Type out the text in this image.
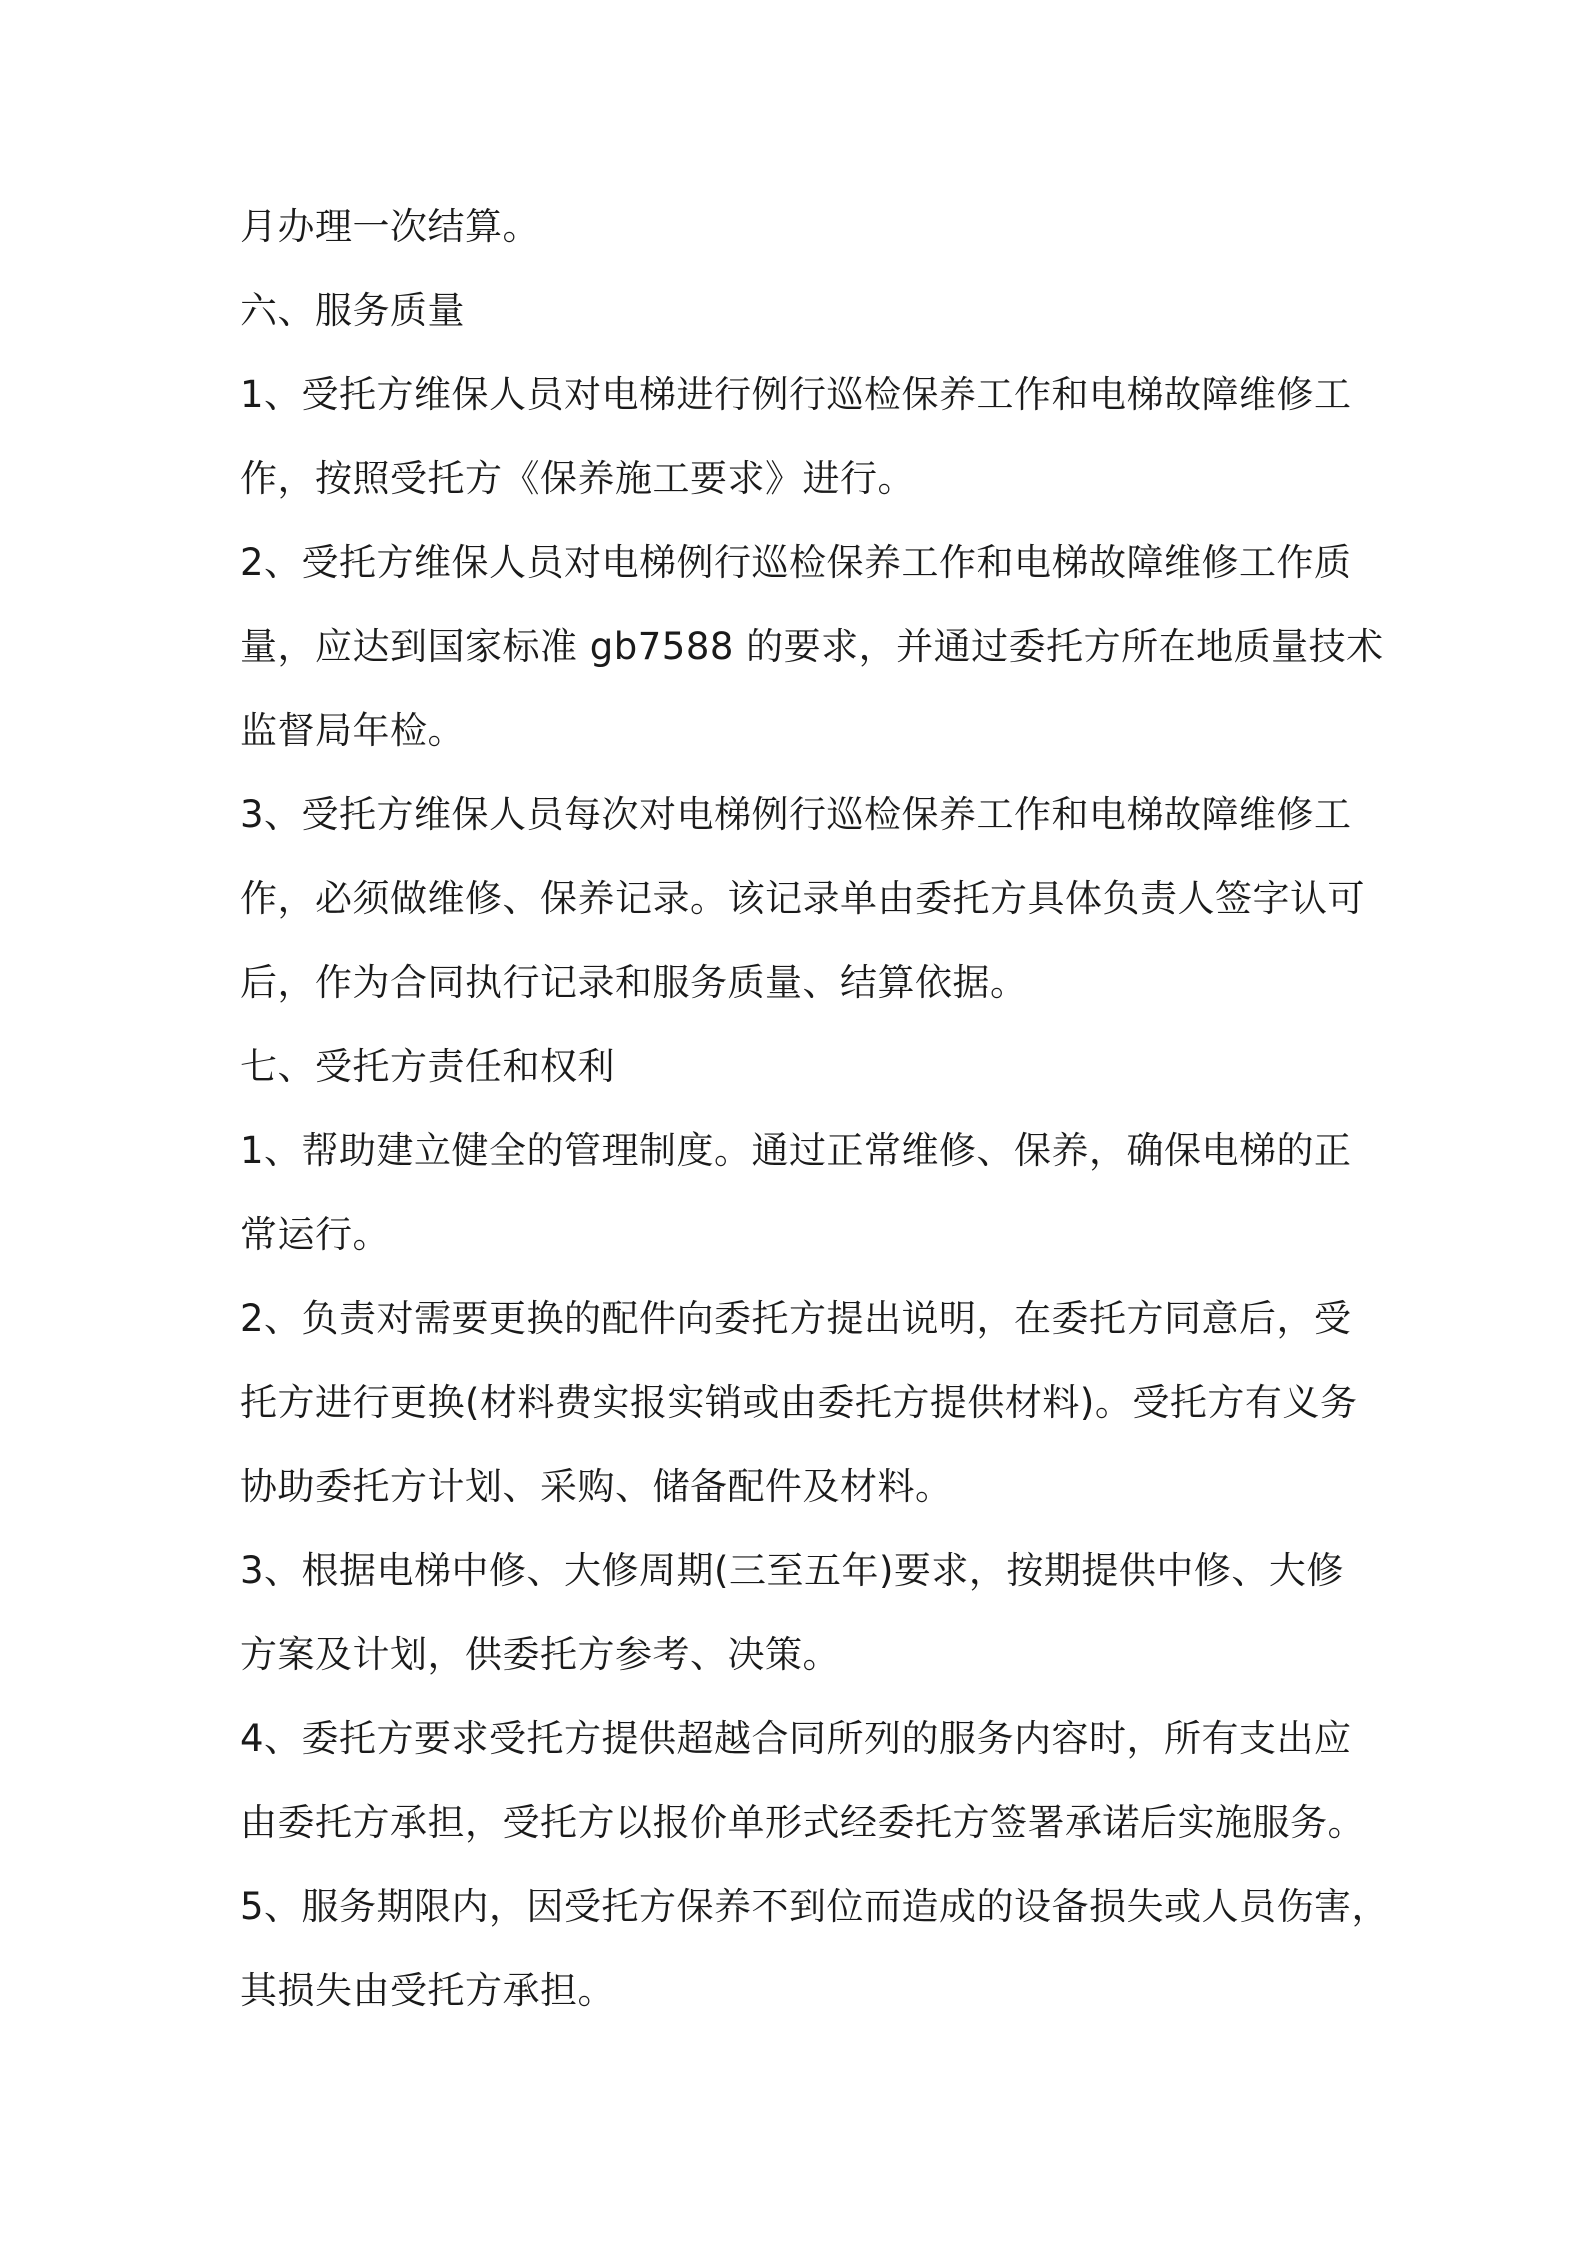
月办理一次结算。
六、服务质量
1、受托方维保人员对电梯进行例行巡检保养工作和电梯故障维修工
作，按照受托方《保养施工要求》进行。
2、受托方维保人员对电梯例行巡检保养工作和电梯故障维修工作质
量，应达到国家标准 gb7588 的要求，并通过委托方所在地质量技术
监督局年检。
3、受托方维保人员每次对电梯例行巡检保养工作和电梯故障维修工
作，必须做维修、保养记录。该记录单由委托方具体负责人签字认可
后，作为合同执行记录和服务质量、结算依据。
七、受托方责任和权利
1、帮助建立健全的管理制度。通过正常维修、保养，确保电梯的正
常运行。
2、负责对需要更换的配件向委托方提出说明，在委托方同意后，受
托方进行更换(材料费实报实销或由委托方提供材料)。受托方有义务
协助委托方计划、采购、储备配件及材料。
3、根据电梯中修、大修周期(三至五年)要求，按期提供中修、大修
方案及计划，供委托方参考、决策。
4、委托方要求受托方提供超越合同所列的服务内容时，所有支出应
由委托方承担，受托方以报价单形式经委托方签署承诺后实施服务。
5、服务期限内，因受托方保养不到位而造成的设备损失或人员伤害，
其损失由受托方承担。
